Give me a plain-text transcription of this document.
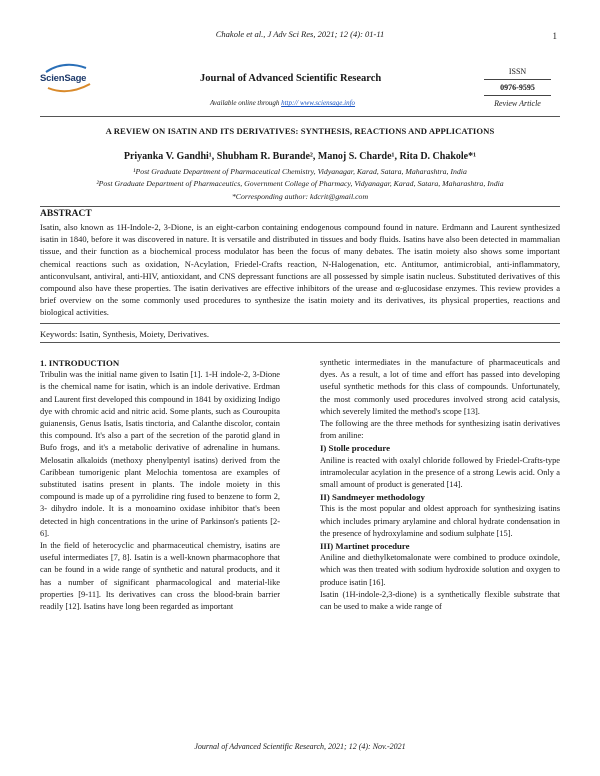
Chakole et al., J Adv Sci Res, 2021; 12 (4): 01-11	1
ScienSage	Journal of Advanced Scientific Research
Available online through http:// www.sciensage.info
ISSN
0976-9595
Review Article
A REVIEW ON ISATIN AND ITS DERIVATIVES: SYNTHESIS, REACTIONS AND APPLICATIONS
Priyanka V. Gandhi¹, Shubham R. Burande², Manoj S. Charde¹, Rita D. Chakole*¹
¹Post Graduate Department of Pharmaceutical Chemistry, Vidyanagar, Karad, Satara, Maharashtra, India
²Post Graduate Department of Pharmaceutics, Government College of Pharmacy, Vidyanagar, Karad, Satara, Maharashtra, India
*Corresponding author: kdcrit@gmail.com
ABSTRACT
Isatin, also known as 1H-Indole-2, 3-Dione, is an eight-carbon containing endogenous compound found in nature. Erdmann and Laurent synthesized isatin in 1840, before it was discovered in nature. It is versatile and distributed in tissues and body fluids. Isatins have also been detected in mammalian tissue, and their function as a biochemical process modulator has been the focus of many debates. The isatin moiety also shows some important chemical reactions such as oxidation, N-Acylation, Friedel-Crafts reaction, N-Halogenation, etc. Antitumor, antimicrobial, anti-inflammatory, anticonvulsant, antiviral, anti-HIV, antioxidant, and CNS depressant functions are all possessed by simple isatin nucleus. Substituted derivatives of this compound also have these properties. The isatin derivatives are effective inhibitors of the urease and α-glucosidase enzymes. This review provides a brief overview on the some commonly used procedures to synthesize the isatin moiety and its derivatives, its physical properties, reactions and biological activities.
Keywords: Isatin, Synthesis, Moiety, Derivatives.

1. INTRODUCTION

Tribulin was the initial name given to Isatin [1]. 1-H indole-2, 3-Dione is the chemical name for isatin, which is an indole derivative. Erdman and Laurent first developed this compound in 1841 by oxidizing Indigo dye with chromic acid and nitric acid. Some plants, such as Couroupita guianensis, Genus Isatis, Isatis tinctoria, and Calanthe discolor, contain this compound. It's also a part of the secretion of the parotid gland in Bufo frogs, and it's a metabolic derivative of adrenaline in humans. Melosatin alkaloids (methoxy phenylpentyl isatins) derived from the Caribbean tumorigenic plant Melochia tomentosa are examples of substituted isatins present in plants. The indole moiety in this compound is made up of a pyrrolidine ring fused to benzene to form 2, 3- dihydro indole. It is a monoamino oxidase inhibitor that's been detected in high concentrations in the urine of Parkinson's patients [2-6].

In the field of heterocyclic and pharmaceutical chemistry, isatins are useful intermediates [7, 8]. Isatin is a well-known pharmacophore that can be found in a wide range of synthetic and natural products, and it has a number of significant pharmacological and material-like properties [9-11]. Its derivatives can cross the blood-brain barrier readily [12]. Isatins have long been regarded as important

synthetic intermediates in the manufacture of pharmaceuticals and dyes. As a result, a lot of time and effort has passed into developing useful synthetic methods for this class of compounds. Unfortunately, the most commonly used procedures involved strong acid catalysis, which severely limited the method's scope [13].

The following are the three methods for synthesizing isatin derivatives from aniline:

I) Stolle procedure

Aniline is reacted with oxalyl chloride followed by Friedel-Crafts-type intramolecular acylation in the presence of a strong Lewis acid. Only a small amount of product is generated [14].

II) Sandmeyer methodology

This is the most popular and oldest approach for synthesizing isatins which includes primary arylamine and chloral hydrate condensation in the presence of hydroxylamine and sodium sulphate [15].

III) Martinet procedure

Aniline and diethylketomalonate were combined to produce oxindole, which was then treated with sodium hydroxide solution and oxygen to produce isatin [16].

Isatin (1H-indole-2,3-dione) is a synthetically flexible substrate that can be used to make a wide range of

Journal of Advanced Scientific Research, 2021; 12 (4): Nov.-2021
